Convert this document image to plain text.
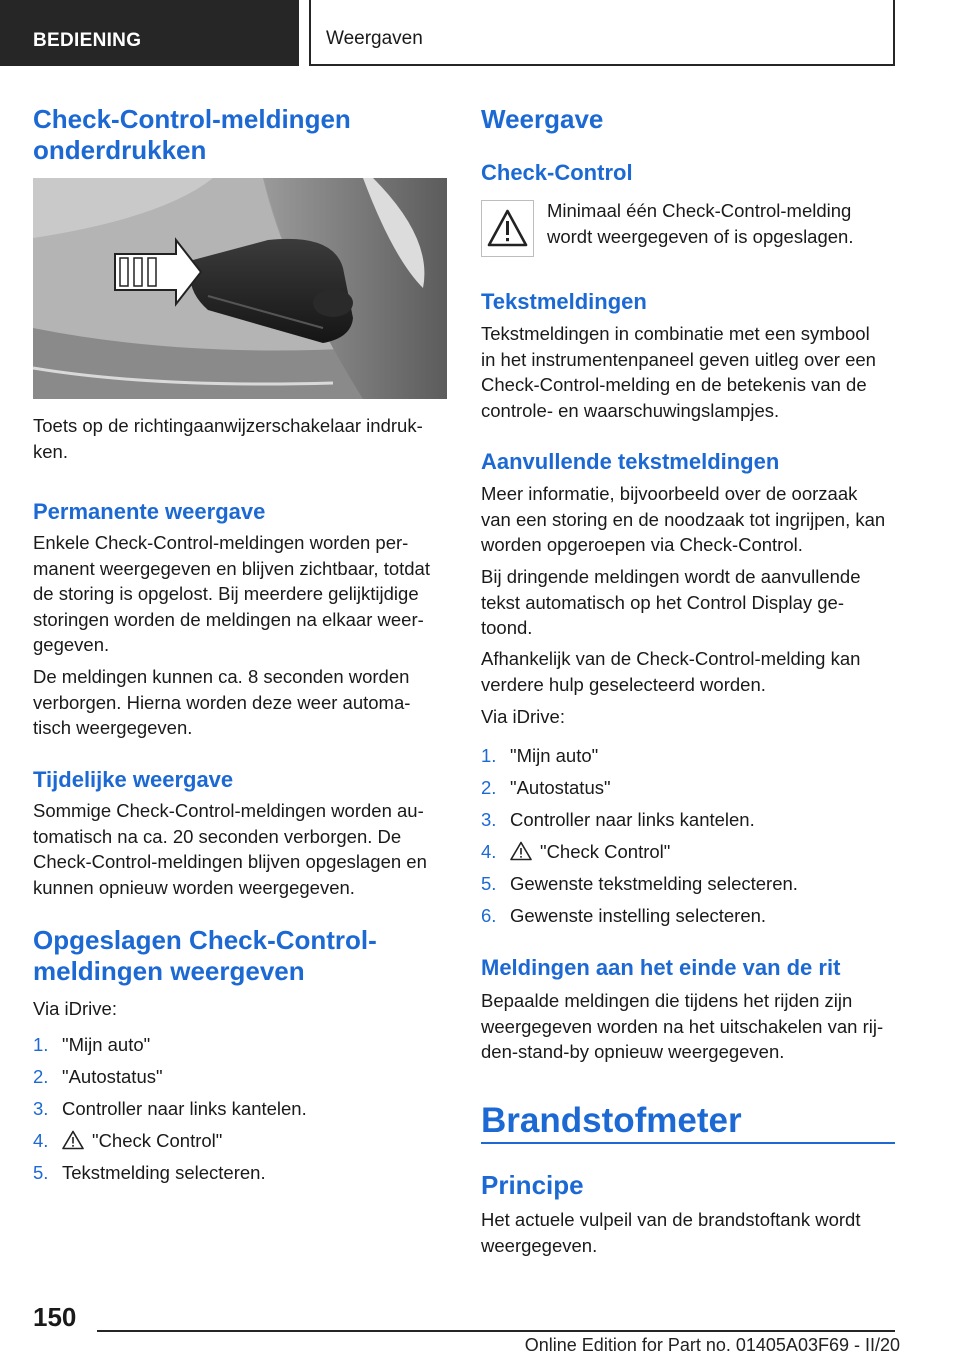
BEDIENING	Weergaven
Check-Control-meldingen
onderdrukken
Toets op de richtingaanwijzerschakelaar indruk-
ken.
Permanente weergave
Enkele Check-Control-meldingen worden per-
manent weergegeven en blijven zichtbaar, totdat
de storing is opgelost. Bij meerdere gelijktijdige
storingen worden de meldingen na elkaar weer-
gegeven.
De meldingen kunnen ca. 8 seconden worden
verborgen. Hierna worden deze weer automa-
tisch weergegeven.
Tijdelijke weergave
Sommige Check-Control-meldingen worden au-
tomatisch na ca. 20 seconden verborgen. De
Check-Control-meldingen blijven opgeslagen en
kunnen opnieuw worden weergegeven.
Opgeslagen Check-Control-
meldingen weergeven
Via iDrive:
1. "Mijn auto"
2. "Autostatus"
3. Controller naar links kantelen.
4. "Check Control"
5. Tekstmelding selecteren.
Weergave
Check-Control
Minimaal één Check-Control-melding
wordt weergegeven of is opgeslagen.
Tekstmeldingen
Tekstmeldingen in combinatie met een symbool
in het instrumentenpaneel geven uitleg over een
Check-Control-melding en de betekenis van de
controle- en waarschuwingslampjes.
Aanvullende tekstmeldingen
Meer informatie, bijvoorbeeld over de oorzaak
van een storing en de noodzaak tot ingrijpen, kan
worden opgeroepen via Check-Control.
Bij dringende meldingen wordt de aanvullende
tekst automatisch op het Control Display ge-
toond.
Afhankelijk van de Check-Control-melding kan
verdere hulp geselecteerd worden.
Via iDrive:
1. "Mijn auto"
2. "Autostatus"
3. Controller naar links kantelen.
4. "Check Control"
5. Gewenste tekstmelding selecteren.
6. Gewenste instelling selecteren.
Meldingen aan het einde van de rit
Bepaalde meldingen die tijdens het rijden zijn
weergegeven worden na het uitschakelen van rij-
den-stand-by opnieuw weergegeven.
Brandstofmeter
Principe
Het actuele vulpeil van de brandstoftank wordt
weergegeven.
150
Online Edition for Part no. 01405A03F69 - II/20
